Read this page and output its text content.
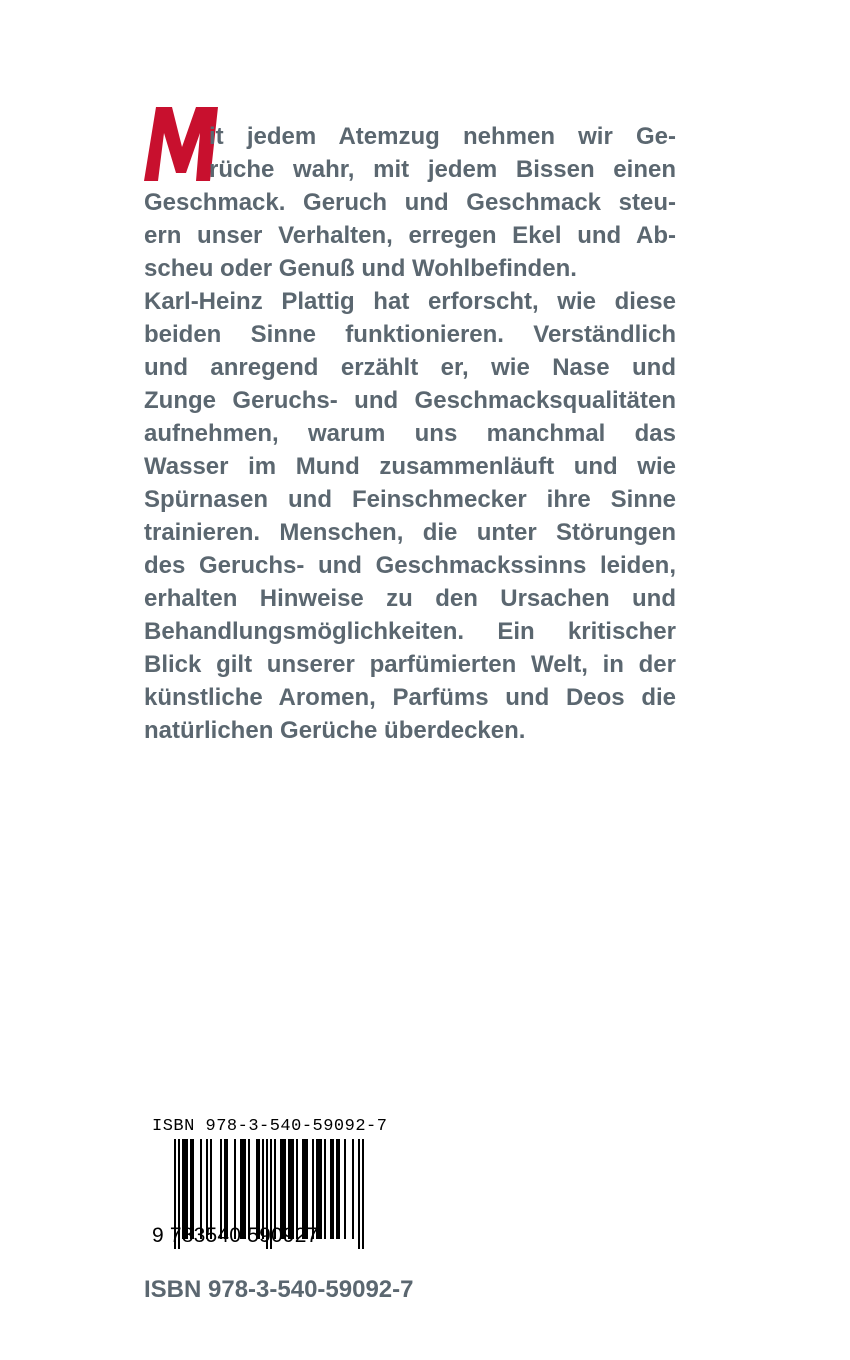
it jedem Atemzug nehmen wir Ge-
rüche wahr, mit jedem Bissen einen
Geschmack. Geruch und Geschmack steu-
ern unser Verhalten, erregen Ekel und Ab-
scheu oder Genuß und Wohlbefinden.
Karl-Heinz Plattig hat erforscht, wie diese
beiden Sinne funktionieren. Verständlich
und anregend erzählt er, wie Nase und
Zunge Geruchs- und Geschmacksqualitäten
aufnehmen, warum uns manchmal das
Wasser im Mund zusammenläuft und wie
Spürnasen und Feinschmecker ihre Sinne
trainieren. Menschen, die unter Störungen
des Geruchs- und Geschmackssinns leiden,
erhalten Hinweise zu den Ursachen und
Behandlungsmöglichkeiten. Ein kritischer
Blick gilt unserer parfümierten Welt, in der
künstliche Aromen, Parfüms und Deos die
natürlichen Gerüche überdecken.
ISBN 978-3-540-59092-7
9 783540 590927
ISBN 978-3-540-59092-7
